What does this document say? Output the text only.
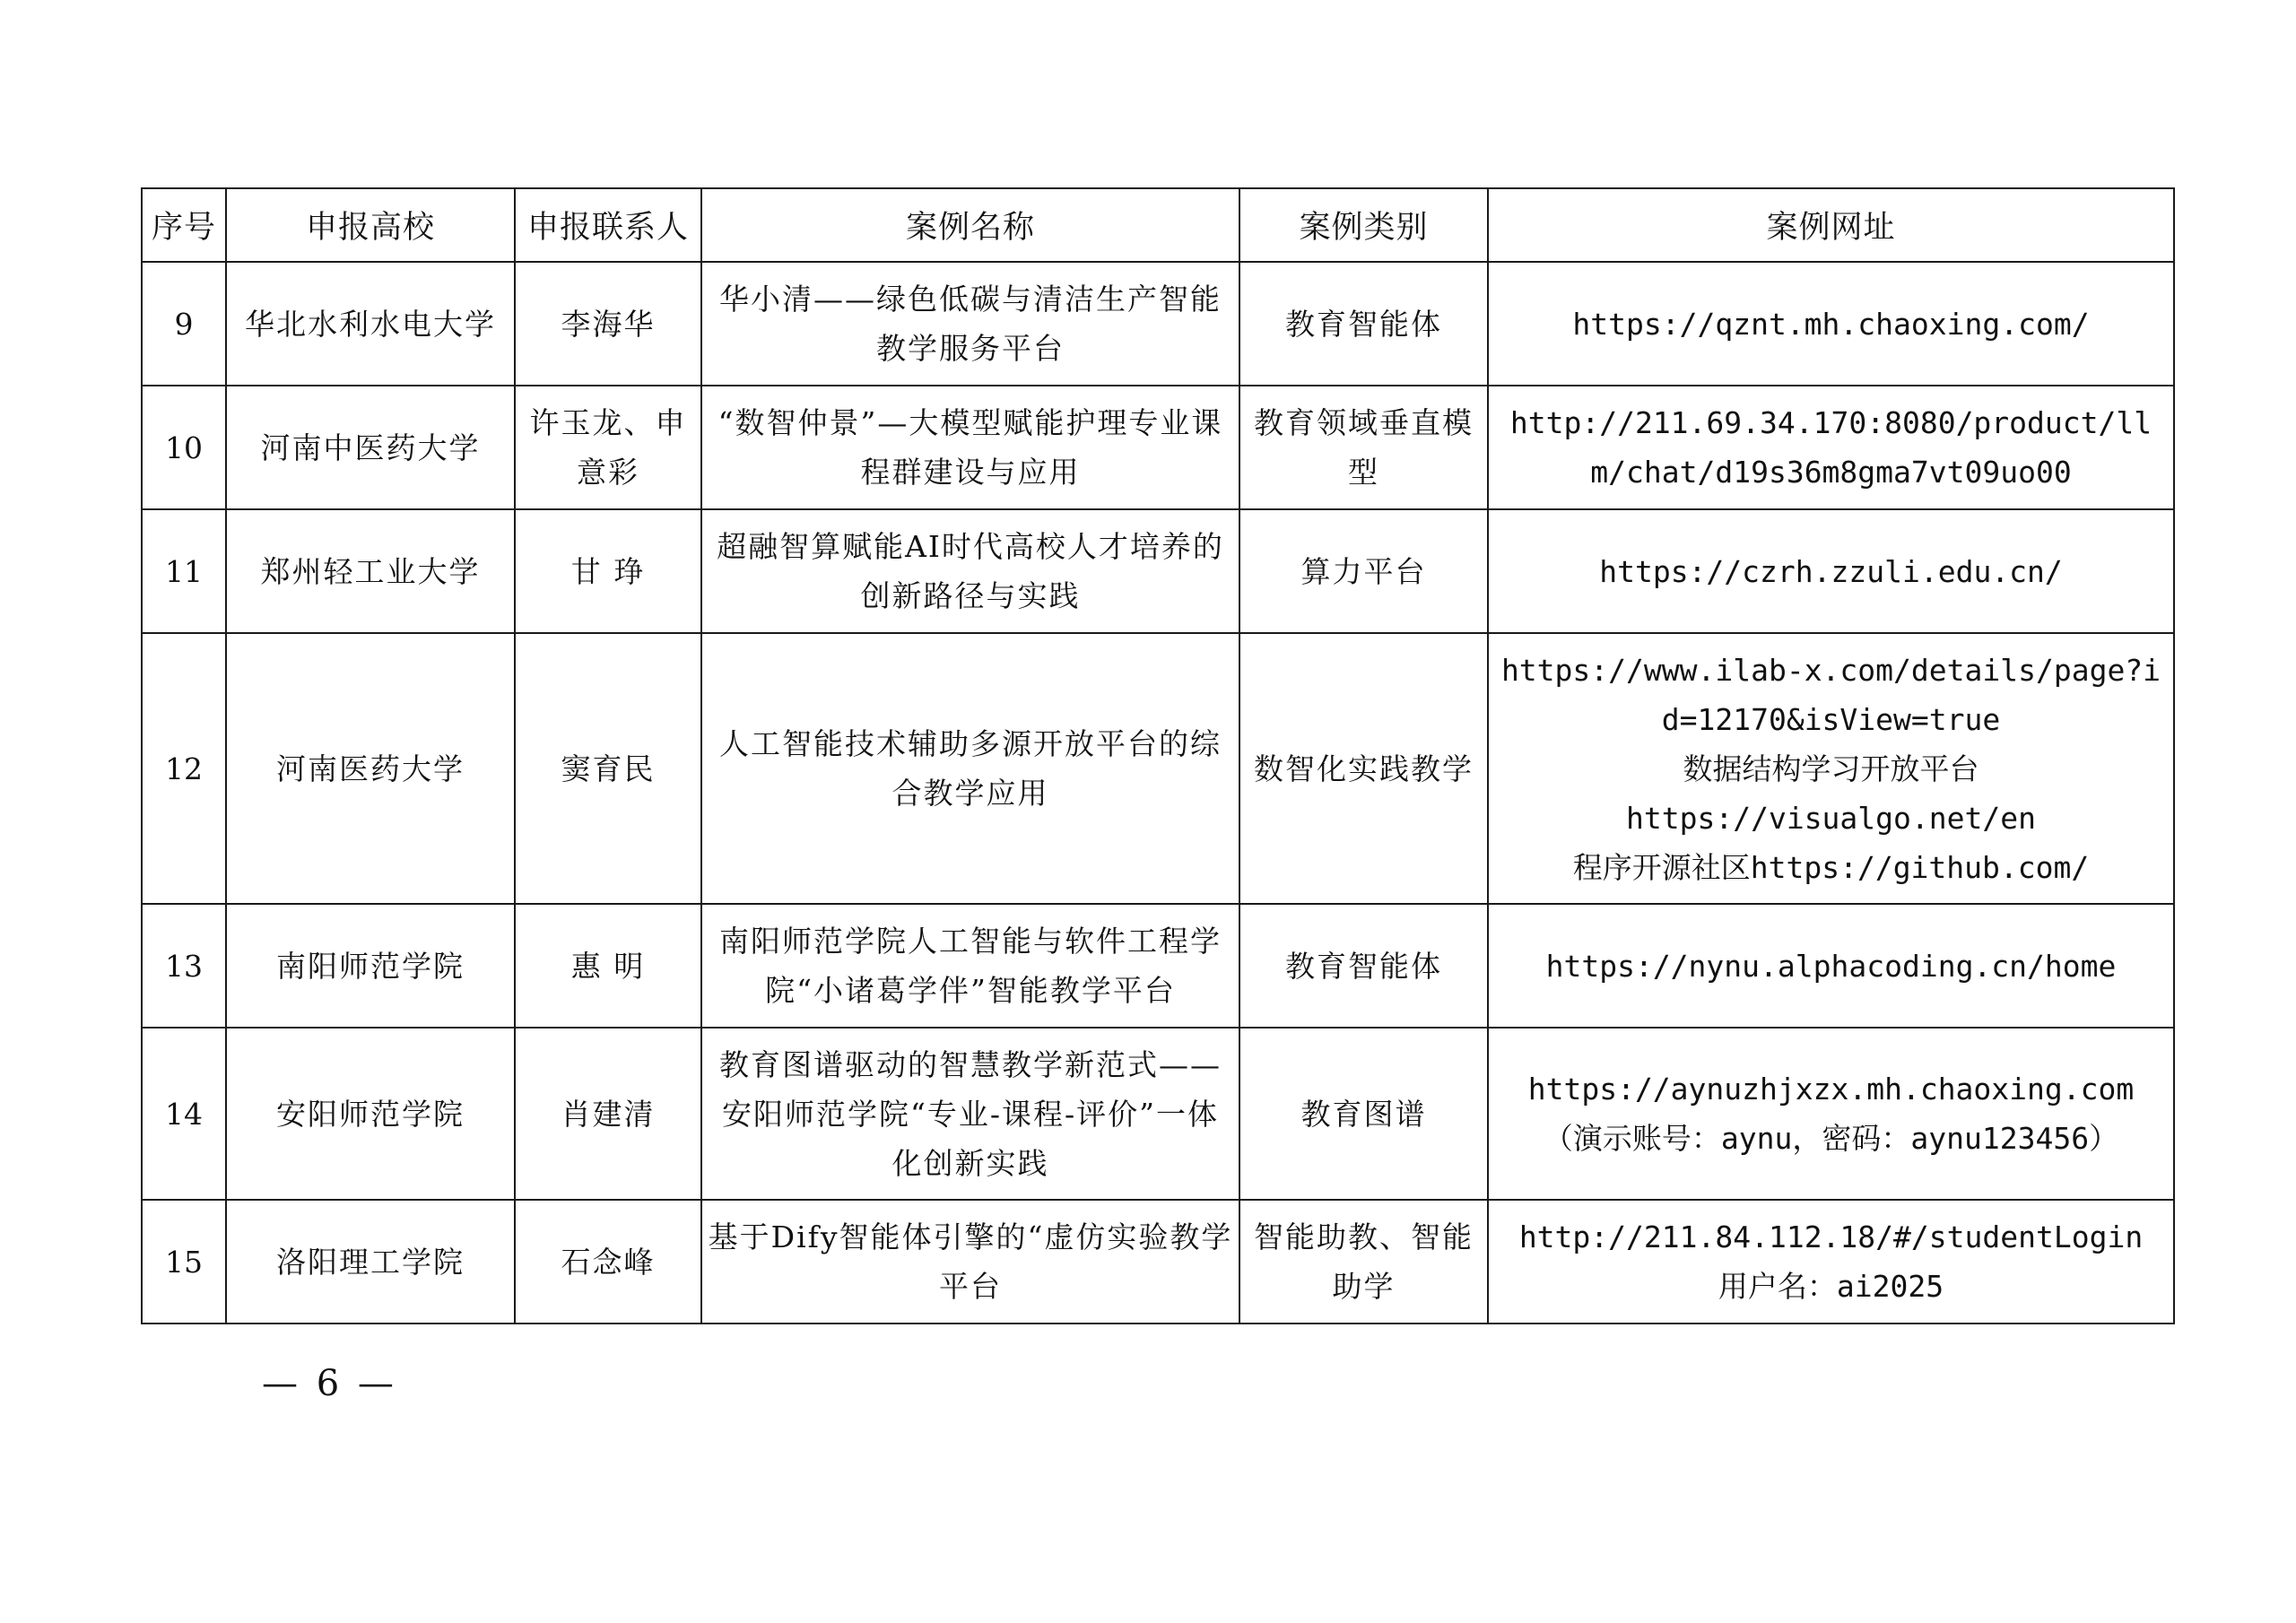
序号	申报高校	申报联系人	案例名称	案例类别	案例网址
9	华北水利水电大学	李海华	华小清——绿色低碳与清洁生产智能教学服务平台	教育智能体	https://qznt.mh.chaoxing.com/

10	河南中医药大学	许玉龙、申意彩	“数智仲景”—大模型赋能护理专业课程群建设与应用	教育领域垂直模型	http://211.69.34.170:8080/product/llm/chat/d19s36m8gma7vt09uo00

11	郑州轻工业大学	甘 琤	超融智算赋能AI时代高校人才培养的创新路径与实践	算力平台	https://czrh.zzuli.edu.cn/

12	河南医药大学	窦育民	人工智能技术辅助多源开放平台的综合教学应用	数智化实践教学	https://www.ilab-x.com/details/page?id=12170&isView=true
数据结构学习开放平台
https://visualgo.net/en
程序开源社区https://github.com/

13	南阳师范学院	惠 明	南阳师范学院人工智能与软件工程学院“小诸葛学伴”智能教学平台	教育智能体	https://nynu.alphacoding.cn/home

14	安阳师范学院	肖建清	教育图谱驱动的智慧教学新范式——安阳师范学院“专业-课程-评价”一体化创新实践	教育图谱	https://aynuzhjxzx.mh.chaoxing.com
（演示账号：aynu，密码：aynu123456）

15	洛阳理工学院	石念峰	基于Dify智能体引擎的“虚仿实验教学平台	智能助教、智能助学	http://211.84.112.18/#/studentLogin
用户名：ai2025
— 6 —
